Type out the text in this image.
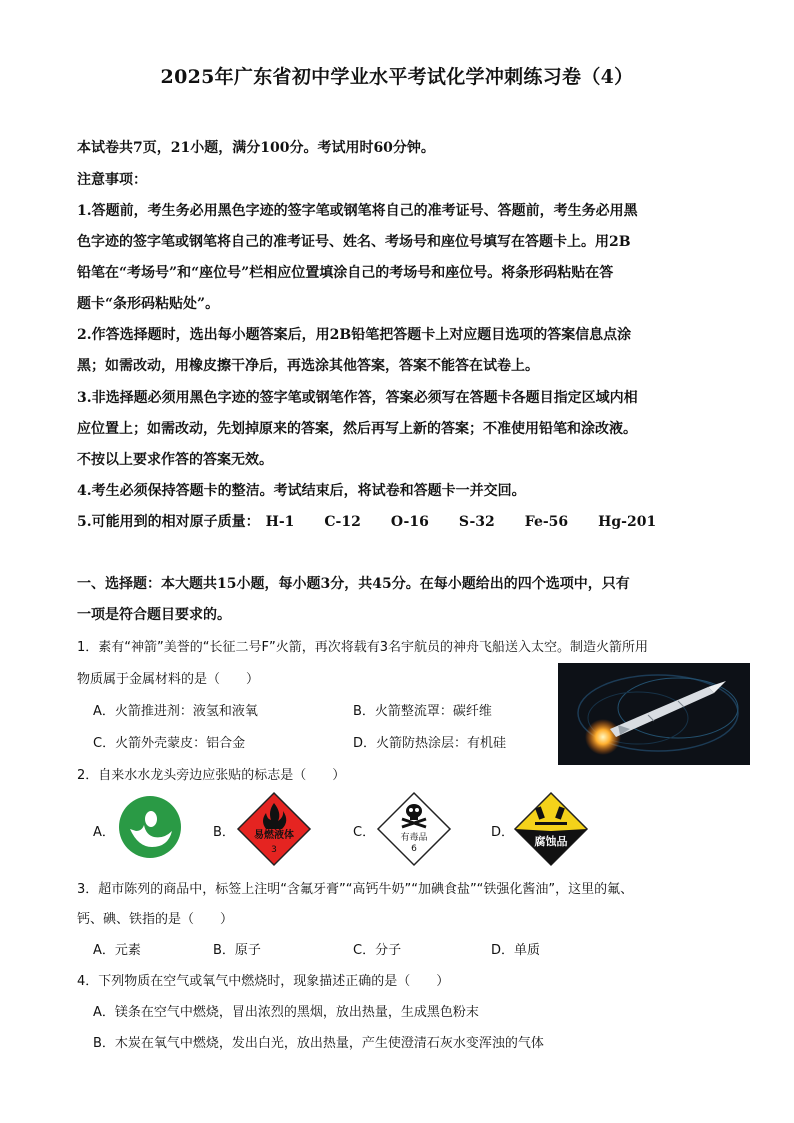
2025年广东省初中学业水平考试化学冲刺练习卷（4）
本试卷共7页，21小题，满分100分。考试用时60分钟。
注意事项：
1.答题前，考生务必用黑色字迹的签字笔或钢笔将自己的准考证号、答题前，考生务必用黑
色字迹的签字笔或钢笔将自己的准考证号、姓名、考场号和座位号填写在答题卡上。用2B
铅笔在“考场号”和“座位号”栏相应位置填涂自己的考场号和座位号。将条形码粘贴在答
题卡“条形码粘贴处”。
2.作答选择题时，选出每小题答案后，用2B铅笔把答题卡上对应题目选项的答案信息点涂
黑；如需改动，用橡皮擦干净后，再选涂其他答案，答案不能答在试卷上。
3.非选择题必须用黑色字迹的签字笔或钢笔作答，答案必须写在答题卡各题目指定区域内相
应位置上；如需改动，先划掉原来的答案，然后再写上新的答案；不准使用铅笔和涂改液。
不按以上要求作答的答案无效。
4.考生必须保持答题卡的整洁。考试结束后，将试卷和答题卡一并交回。
5.可能用到的相对原子质量： H-1 C-12 O-16 S-32 Fe-56 Hg-201
一、选择题：本大题共15小题，每小题3分，共45分。在每小题给出的四个选项中，只有
一项是符合题目要求的。
1．素有“神箭”美誉的“长征二号F”火箭，再次将载有3名宇航员的神舟飞船送入太空。制造火箭所用
物质属于金属材料的是（　　）
A．火箭推进剂：液氢和液氧	B．火箭整流罩：碳纤维
C．火箭外壳蒙皮：铝合金	D．火箭防热涂层：有机硅
2．自来水水龙头旁边应张贴的标志是（　　）
A．	B．	易燃液体
3
C．	有毒品
6
D．
腐蚀品
3．超市陈列的商品中，标签上注明“含氟牙膏”“高钙牛奶”“加碘食盐”“铁强化酱油”，这里的氟、
钙、碘、铁指的是（　　）
A．元素	B．原子	C．分子	D．单质
4．下列物质在空气或氧气中燃烧时，现象描述正确的是（　　）
A．镁条在空气中燃烧，冒出浓烈的黑烟，放出热量，生成黑色粉末
B．木炭在氧气中燃烧，发出白光，放出热量，产生使澄清石灰水变浑浊的气体
